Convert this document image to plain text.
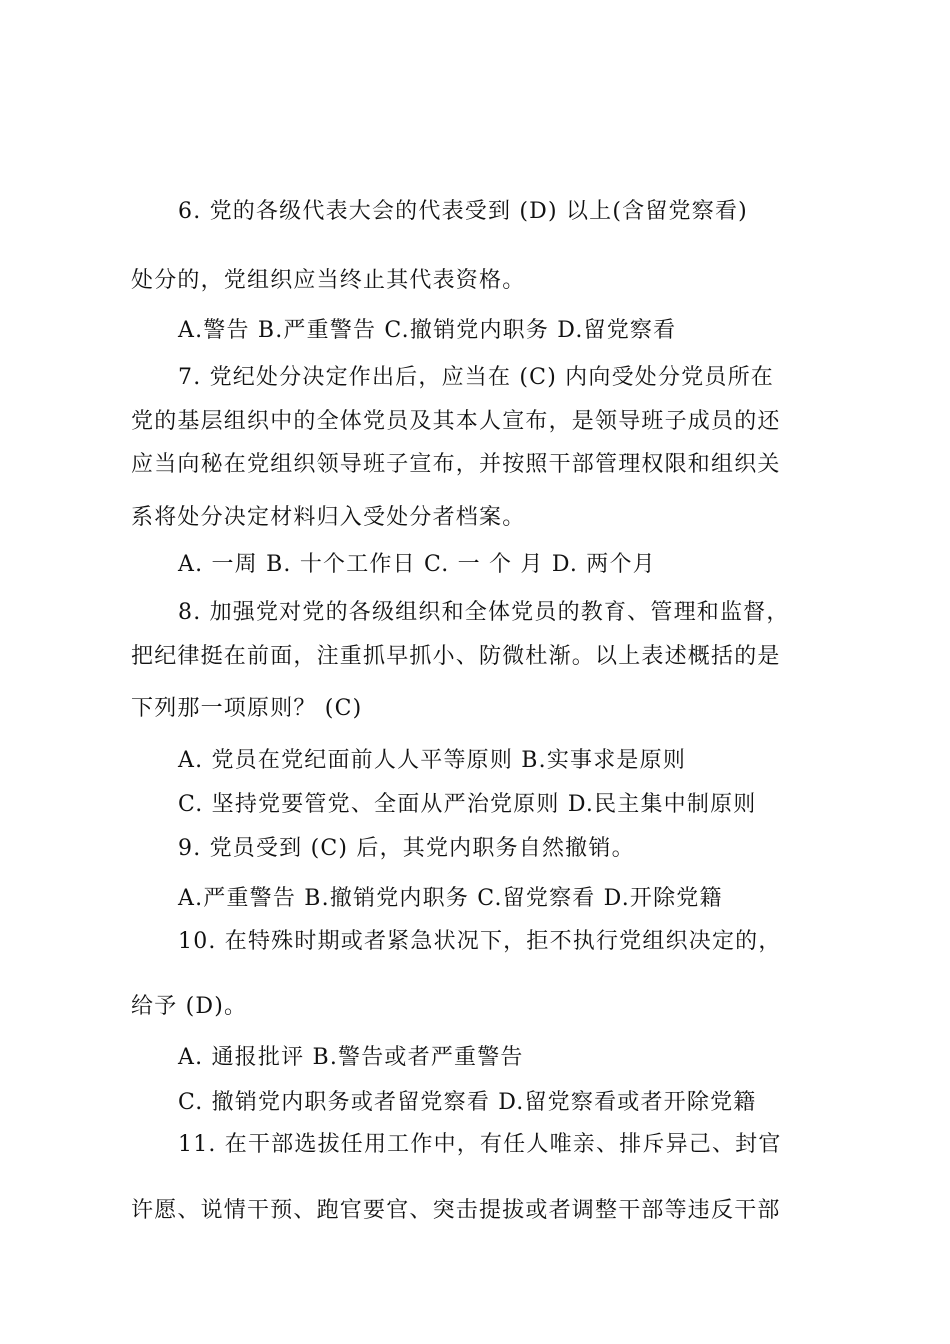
6. 党的各级代表大会的代表受到 (D) 以上(含留党察看)
处分的，党组织应当终止其代表资格。
A.警告 B.严重警告 C.撤销党内职务 D.留党察看
7. 党纪处分决定作出后，应当在 (C) 内向受处分党员所在
党的基层组织中的全体党员及其本人宣布，是领导班子成员的还
应当向秘在党组织领导班子宣布，并按照干部管理权限和组织关
系将处分决定材料归入受处分者档案。
A. 一周 B. 十个工作日 C. 一 个 月 D. 两个月
8. 加强党对党的各级组织和全体党员的教育、管理和监督，
把纪律挺在前面，注重抓早抓小、防微杜渐。以上表述概括的是
下列那一项原则？ (C)
A. 党员在党纪面前人人平等原则 B.实事求是原则
C. 坚持党要管党、全面从严治党原则 D.民主集中制原则
9. 党员受到 (C) 后，其党内职务自然撤销。
A.严重警告 B.撤销党内职务 C.留党察看 D.开除党籍
10. 在特殊时期或者紧急状况下，拒不执行党组织决定的，
给予 (D)。
A. 通报批评 B.警告或者严重警告
C. 撤销党内职务或者留党察看 D.留党察看或者开除党籍
11. 在干部选拔任用工作中，有任人唯亲、排斥异己、封官
许愿、说情干预、跑官要官、突击提拔或者调整干部等违反干部
